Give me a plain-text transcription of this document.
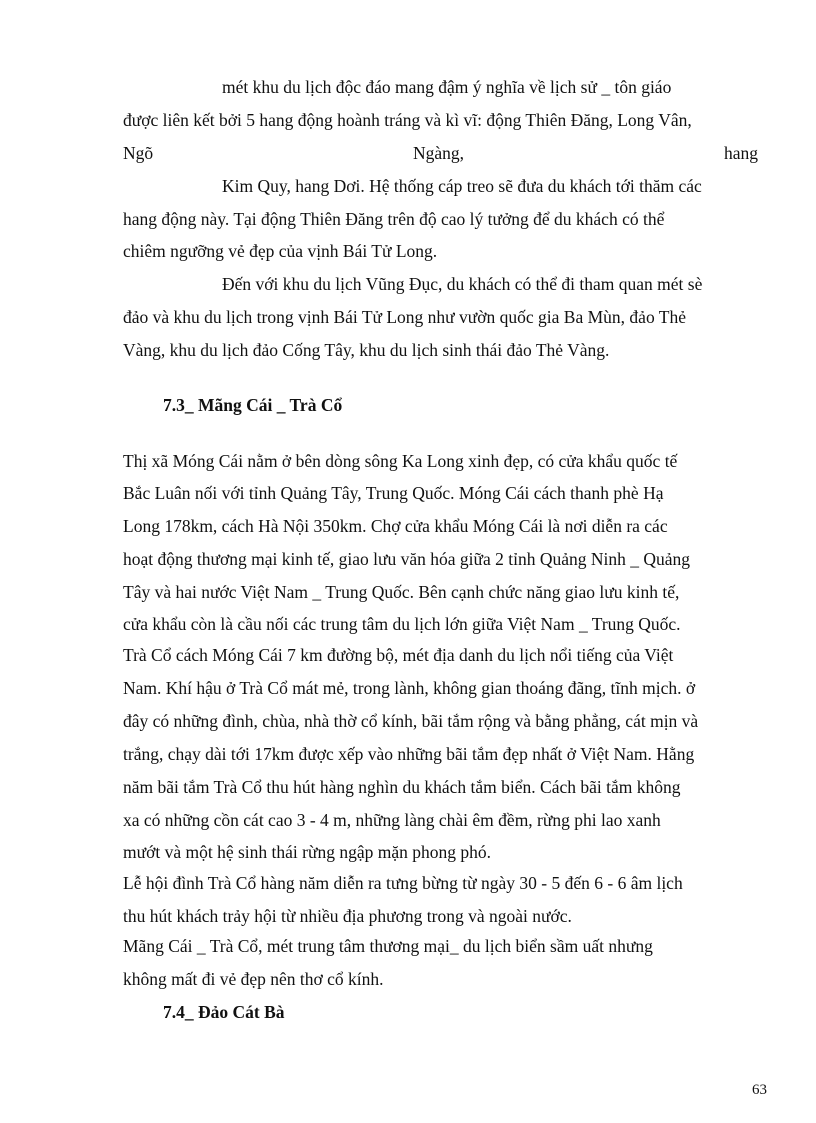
mét khu du lịch độc đáo mang đậm ý nghĩa về lịch sử _ tôn giáo
được liên kết bởi 5 hang động hoành tráng và kì vĩ: động Thiên Đăng, Long Vân,
Ngõ	Ngàng,	hang
Kim Quy, hang Dơi. Hệ thống cáp treo sẽ đưa du khách tới thăm các
hang động này. Tại động Thiên Đăng trên độ cao lý tưởng để du khách có thể
chiêm ngưỡng vẻ đẹp của vịnh Bái Tử Long.
Đến với khu du lịch Vũng Đục, du khách có thể đi tham quan mét sè
đảo và khu du lịch trong vịnh Bái Tử Long như vườn quốc gia Ba Mùn, đảo Thẻ
Vàng, khu du lịch đảo Cống Tây, khu du lịch sinh thái đảo Thẻ Vàng.
7.3_ Mãng Cái _ Trà Cổ
Thị xã Móng Cái nằm ở bên dòng sông Ka Long xinh đẹp, có cửa khẩu quốc tế
Bắc Luân nối với tỉnh Quảng Tây, Trung Quốc. Móng Cái cách thanh phè Hạ
Long 178km, cách Hà Nội 350km. Chợ cửa khẩu Móng Cái là nơi diễn ra các
hoạt động thương mại kinh tế, giao lưu văn hóa giữa 2 tỉnh Quảng Ninh _ Quảng
Tây và hai nước Việt Nam _ Trung Quốc. Bên cạnh chức năng giao lưu kinh tế,
cửa khẩu còn là cầu nối các trung tâm du lịch lớn giữa Việt Nam _ Trung Quốc.
Trà Cổ cách Móng Cái 7 km đường bộ, mét địa danh du lịch nổi tiếng của Việt
Nam. Khí hậu ở Trà Cổ mát mẻ, trong lành, không gian thoáng đãng, tĩnh mịch. ở
đây có những đình, chùa, nhà thờ cổ kính, bãi tắm rộng và bằng phẳng, cát mịn và
trắng, chạy dài tới 17km được xếp vào những bãi tắm đẹp nhất ở Việt Nam. Hằng
năm bãi tắm Trà Cổ thu hút hàng nghìn du khách tắm biển. Cách bãi tắm không
xa có những cồn cát cao 3 - 4 m, những làng chài êm đềm, rừng phi lao xanh
mướt và một hệ sinh thái rừng ngập mặn phong phó.
Lễ hội đình Trà Cổ hàng năm diễn ra tưng bừng từ ngày 30 - 5 đến 6 - 6 âm lịch
thu hút khách trảy hội từ nhiều địa phương trong và ngoài nước.
Mãng Cái _ Trà Cổ, mét trung tâm thương mại_ du lịch biển sầm uất nhưng
không mất đi vẻ đẹp nên thơ cổ kính.
7.4_ Đảo Cát Bà
63
